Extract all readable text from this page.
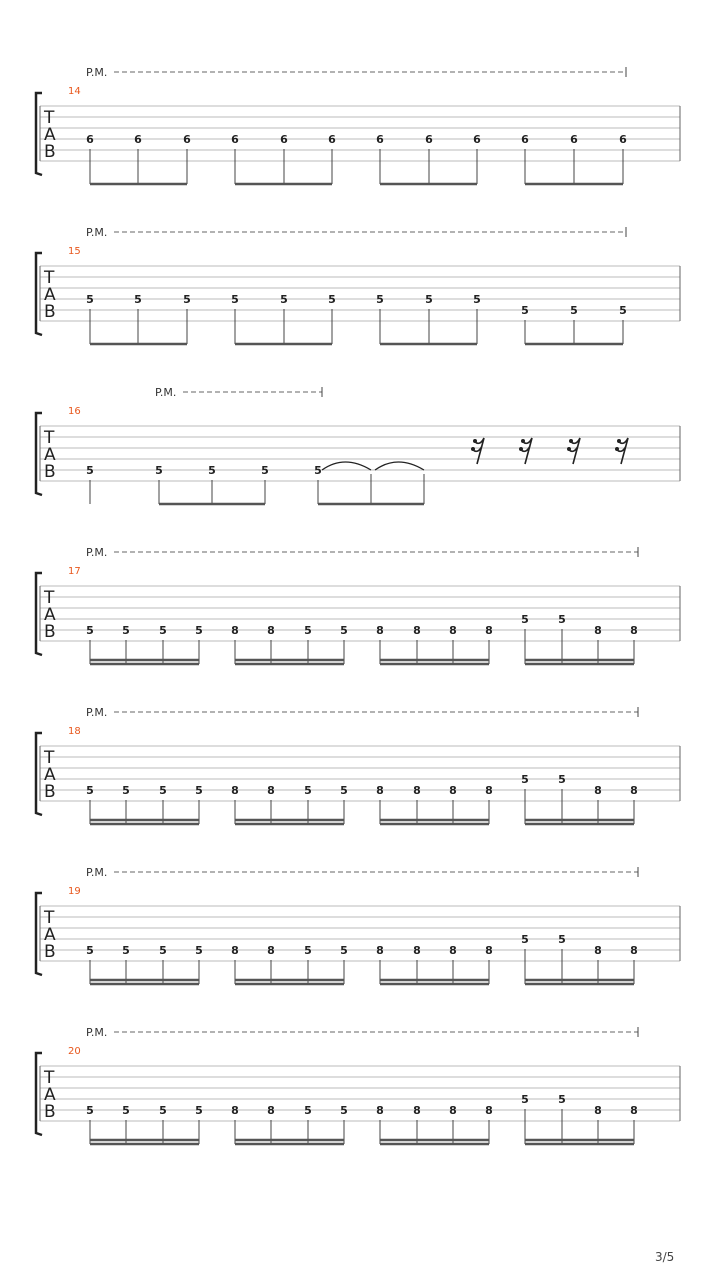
P.M.
14
T
A
B
6	6	6	6	6	6	6	6	6	6	6	6
P.M.
15
T
A
B
5	5	5	5	5	5	5	5	5
5	5	5
P.M.
16
T
A
B	5	5	5	5	5
P.M.
17
T
A
B	5	5	5	5	8	8	5	5	8	8	8	8
5	5
8	8
P.M.
18
T
A
B	5	5	5	5	8	8	5	5	8	8	8	8
5	5
8	8
P.M.
19
T
A
B	5	5	5	5	8	8	5	5	8	8	8	8
5	5
8	8
P.M.
20
T
A
B	5	5	5	5	8	8	5	5	8	8	8	8
5	5
8	8
3/5
